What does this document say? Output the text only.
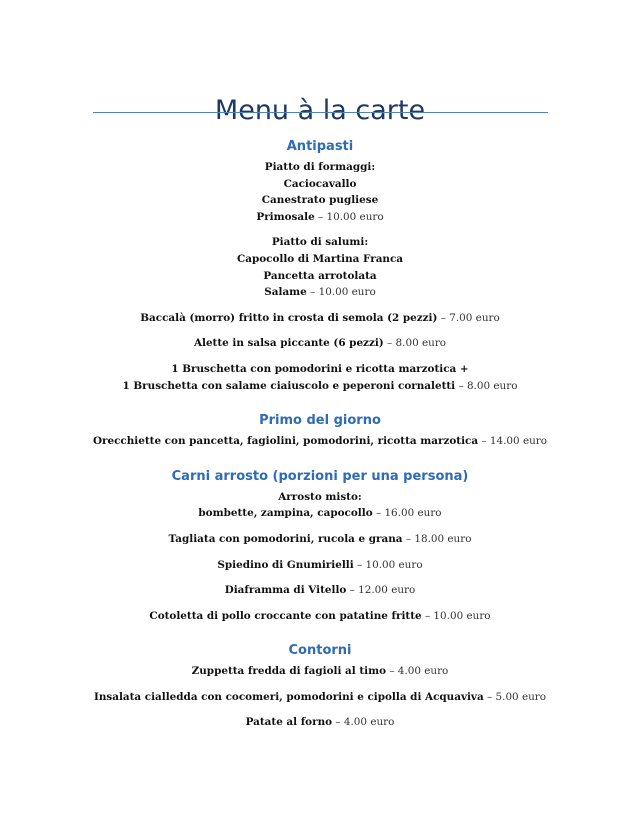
Menu à la carte
Antipasti
Piatto di formaggi:
Caciocavallo
Canestrato pugliese
Primosale – 10.00 euro
Piatto di salumi:
Capocollo di Martina Franca
Pancetta arrotolata
Salame – 10.00 euro
Baccalà (morro) fritto in crosta di semola (2 pezzi) – 7.00 euro
Alette in salsa piccante (6 pezzi) – 8.00 euro
1 Bruschetta con pomodorini e ricotta marzotica +
1 Bruschetta con salame ciaiuscolo e peperoni cornaletti – 8.00 euro
Primo del giorno
Orecchiette con pancetta, fagiolini, pomodorini, ricotta marzotica – 14.00 euro
Carni arrosto (porzioni per una persona)
Arrosto misto:
bombette, zampina, capocollo – 16.00 euro
Tagliata con pomodorini, rucola e grana – 18.00 euro
Spiedino di Gnumirielli – 10.00 euro
Diaframma di Vitello – 12.00 euro
Cotoletta di pollo croccante con patatine fritte – 10.00 euro
Contorni
Zuppetta fredda di fagioli al timo – 4.00 euro
Insalata cialledda con cocomeri, pomodorini e cipolla di Acquaviva – 5.00 euro
Patate al forno – 4.00 euro
